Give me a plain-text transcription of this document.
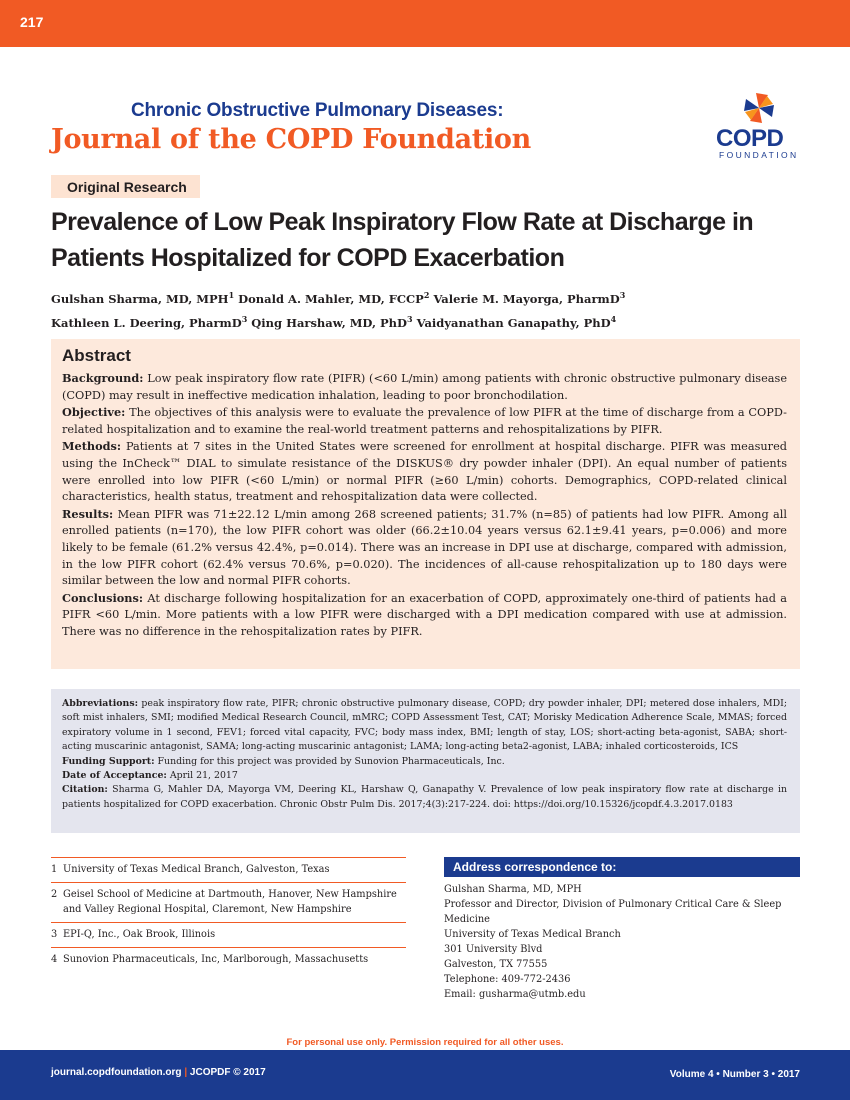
217
Chronic Obstructive Pulmonary Diseases:
Journal of the COPD Foundation	COPD
FOUNDATION
Original Research
Prevalence of Low Peak Inspiratory Flow Rate at Discharge in Patients Hospitalized for COPD Exacerbation
Gulshan Sharma, MD, MPH$^1$ Donald A. Mahler, MD, FCCP$^2$ Valerie M. Mayorga, PharmD$^3$
Kathleen L. Deering, PharmD$^3$ Qing Harshaw, MD, PhD$^3$ Vaidyanathan Ganapathy, PhD$^4$
Abstract

Background: Low peak inspiratory flow rate (PIFR) (<60 L/min) among patients with chronic obstructive pulmonary disease (COPD) may result in ineffective medication inhalation, leading to poor bronchodilation.

Objective: The objectives of this analysis were to evaluate the prevalence of low PIFR at the time of discharge from a COPD-related hospitalization and to examine the real-world treatment patterns and rehospitalizations by PIFR.

Methods: Patients at 7 sites in the United States were screened for enrollment at hospital discharge. PIFR was measured using the InCheck™ DIAL to simulate resistance of the DISKUS® dry powder inhaler (DPI). An equal number of patients were enrolled into low PIFR (<60 L/min) or normal PIFR (≥60 L/min) cohorts. Demographics, COPD-related clinical characteristics, health status, treatment and rehospitalization data were collected.

Results: Mean PIFR was 71±22.12 L/min among 268 screened patients; 31.7% (n=85) of patients had low PIFR. Among all enrolled patients (n=170), the low PIFR cohort was older (66.2±10.04 years versus 62.1±9.41 years, p=0.006) and more likely to be female (61.2% versus 42.4%, p=0.014). There was an increase in DPI use at discharge, compared with admission, in the low PIFR cohort (62.4% versus 70.6%, p=0.020). The incidences of all-cause rehospitalization up to 180 days were similar between the low and normal PIFR cohorts.

Conclusions: At discharge following hospitalization for an exacerbation of COPD, approximately one-third of patients had a PIFR <60 L/min. More patients with a low PIFR were discharged with a DPI medication compared with use at admission. There was no difference in the rehospitalization rates by PIFR.

Abbreviations: peak inspiratory flow rate, PIFR; chronic obstructive pulmonary disease, COPD; dry powder inhaler, DPI; metered dose inhalers, MDI; soft mist inhalers, SMI; modified Medical Research Council, mMRC; COPD Assessment Test, CAT; Morisky Medication Adherence Scale, MMAS; forced expiratory volume in 1 second, FEV1; forced vital capacity, FVC; body mass index, BMI; length of stay, LOS; short-acting beta-agonist, SABA; short-acting muscarinic antagonist, SAMA; long-acting muscarinic antagonist; LAMA; long-acting beta2-agonist, LABA; inhaled corticosteroids, ICS

Funding Support: Funding for this project was provided by Sunovion Pharmaceuticals, Inc.

Date of Acceptance: April 21, 2017

Citation: Sharma G, Mahler DA, Mayorga VM, Deering KL, Harshaw Q, Ganapathy V. Prevalence of low peak inspiratory flow rate at discharge in patients hospitalized for COPD exacerbation. Chronic Obstr Pulm Dis. 2017;4(3):217-224. doi: https://doi.org/10.15326/jcopdf.4.3.2017.0183

1 University of Texas Medical Branch, Galveston, Texas
2 Geisel School of Medicine at Dartmouth, Hanover, New Hampshire and Valley Regional Hospital, Claremont, New Hampshire
3 EPI-Q, Inc., Oak Brook, Illinois
4 Sunovion Pharmaceuticals, Inc, Marlborough, Massachusetts
Address correspondence to:
Gulshan Sharma, MD, MPH
Professor and Director, Division of Pulmonary Critical Care & Sleep Medicine
University of Texas Medical Branch
301 University Blvd
Galveston, TX 77555
Telephone: 409-772-2436
Email: gusharma@utmb.edu
For personal use only. Permission required for all other uses.
journal.copdfoundation.org | JCOPDF © 2017	Volume 4 • Number 3 • 2017
